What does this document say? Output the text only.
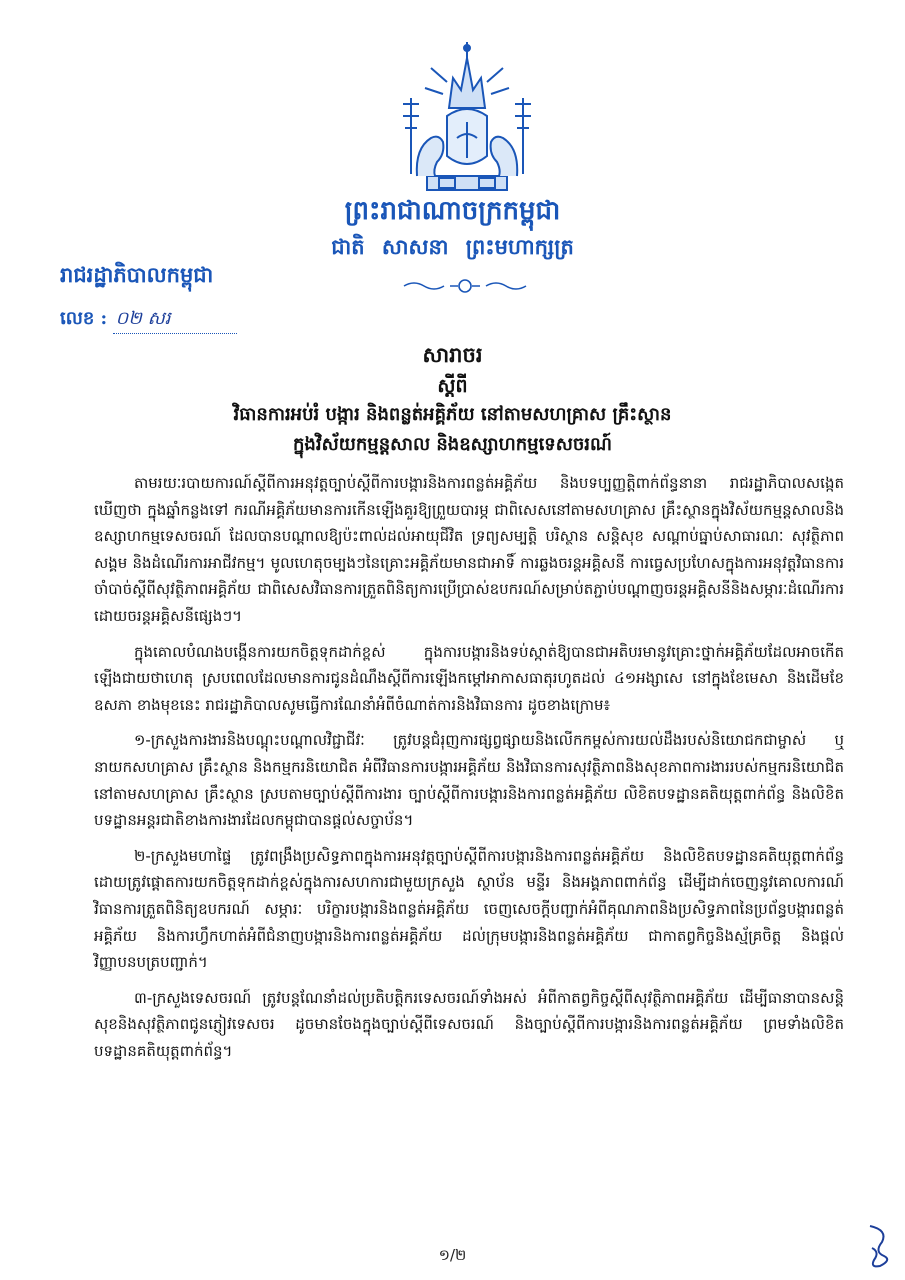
ព្រះរាជាណាចក្រកម្ពុជា
ជាតិ សាសនា ព្រះមហាក្សត្រ
រាជរដ្ឋាភិបាលកម្ពុជា
លេខ : ០២ សរ
សារាចរ
ស្ដីពី
វិធានការអប់រំ បង្ការ និងពន្លត់អគ្គិភ័យ នៅតាមសហគ្រាស គ្រឹះស្ថាន
ក្នុងវិស័យកម្មន្តសាល និងឧស្សាហកម្មទេសចរណ៍

តាមរយៈរបាយការណ៍ស្ដីពីការអនុវត្តច្បាប់ស្ដីពីការបង្ការនិងការពន្លត់អគ្គិភ័យ និងបទប្បញ្ញត្តិពាក់ព័ន្ធនានា រាជរដ្ឋាភិបាលសង្កេតឃើញថា ក្នុងឆ្នាំកន្លងទៅ ករណីអគ្គិភ័យមានការកើនឡើងគួរឱ្យព្រួយបារម្ភ ជាពិសេសនៅតាមសហគ្រាស គ្រឹះស្ថានក្នុងវិស័យកម្មន្តសាលនិងឧស្សាហកម្មទេសចរណ៍ ដែលបានបណ្ដាលឱ្យប៉ះពាល់ដល់អាយុជីវិត ទ្រព្យសម្បត្តិ បរិស្ថាន សន្តិសុខ សណ្ដាប់ធ្នាប់សាធារណៈ សុវត្ថិភាពសង្គម និងដំណើរការអាជីវកម្ម។ មូលហេតុចម្បងៗនៃគ្រោះអគ្គិភ័យមានជាអាទិ៍ ការឆ្លងចរន្តអគ្គិសនី ការធ្វេសប្រហែសក្នុងការអនុវត្តវិធានការចាំបាច់ស្ដីពីសុវត្ថិភាពអគ្គិភ័យ ជាពិសេសវិធានការត្រួតពិនិត្យការប្រើប្រាស់ឧបករណ៍សម្រាប់តភ្ជាប់បណ្ដាញចរន្តអគ្គិសនីនិងសម្ភារៈដំណើរការដោយចរន្តអគ្គិសនីផ្សេងៗ។

ក្នុងគោលបំណងបង្កើនការយកចិត្តទុកដាក់ខ្ពស់ ក្នុងការបង្ការនិងទប់ស្កាត់ឱ្យបានជាអតិបរមានូវគ្រោះថ្នាក់អគ្គិភ័យដែលអាចកើតឡើងជាយថាហេតុ ស្របពេលដែលមានការជូនដំណឹងស្ដីពីការឡើងកម្ដៅអាកាសធាតុរហូតដល់ ៤១អង្សាសេ នៅក្នុងខែមេសា និងដើមខែឧសភា ខាងមុខនេះ រាជរដ្ឋាភិបាលសូមធ្វើការណែនាំអំពីចំណាត់ការនិងវិធានការ ដូចខាងក្រោម៖

១-ក្រសួងការងារនិងបណ្ដុះបណ្ដាលវិជ្ជាជីវៈ ត្រូវបន្តជំរុញការផ្សព្វផ្សាយនិងលើកកម្ពស់ការយល់ដឹងរបស់និយោជកជាម្ចាស់ ឬនាយកសហគ្រាស គ្រឹះស្ថាន និងកម្មករនិយោជិត អំពីវិធានការបង្ការអគ្គិភ័យ និងវិធានការសុវត្ថិភាពនិងសុខភាពការងាររបស់កម្មករនិយោជិតនៅតាមសហគ្រាស គ្រឹះស្ថាន ស្របតាមច្បាប់ស្ដីពីការងារ ច្បាប់ស្ដីពីការបង្ការនិងការពន្លត់អគ្គិភ័យ លិខិតបទដ្ឋានគតិយុត្តពាក់ព័ន្ធ និងលិខិតបទដ្ឋានអន្តរជាតិខាងការងារដែលកម្ពុជាបានផ្ដល់សច្ចាប័ន។

២-ក្រសួងមហាផ្ទៃ ត្រូវពង្រឹងប្រសិទ្ធភាពក្នុងការអនុវត្តច្បាប់ស្ដីពីការបង្ការនិងការពន្លត់អគ្គិភ័យ និងលិខិតបទដ្ឋានគតិយុត្តពាក់ព័ន្ធ ដោយត្រូវផ្ដោតការយកចិត្តទុកដាក់ខ្ពស់ក្នុងការសហការជាមួយក្រសួង ស្ថាប័ន មន្ទីរ និងអង្គភាពពាក់ព័ន្ធ ដើម្បីដាក់ចេញនូវគោលការណ៍ វិធានការត្រួតពិនិត្យឧបករណ៍ សម្ភារៈ បរិក្ខារបង្ការនិងពន្លត់អគ្គិភ័យ ចេញសេចក្ដីបញ្ជាក់អំពីគុណភាពនិងប្រសិទ្ធភាពនៃប្រព័ន្ធបង្ការពន្លត់អគ្គិភ័យ និងការហ្វឹកហាត់អំពីជំនាញបង្ការនិងការពន្លត់អគ្គិភ័យ ដល់ក្រុមបង្ការនិងពន្លត់អគ្គិភ័យ ជាកាតព្វកិច្ចនិងស្ម័គ្រចិត្ត និងផ្ដល់វិញ្ញាបនបត្របញ្ជាក់។

៣-ក្រសួងទេសចរណ៍ ត្រូវបន្តណែនាំដល់ប្រតិបត្តិករទេសចរណ៍ទាំងអស់ អំពីកាតព្វកិច្ចស្ដីពីសុវត្ថិភាពអគ្គិភ័យ ដើម្បីធានាបានសន្តិសុខនិងសុវត្ថិភាពជូនភ្ញៀវទេសចរ ដូចមានចែងក្នុងច្បាប់ស្ដីពីទេសចរណ៍ និងច្បាប់ស្ដីពីការបង្ការនិងការពន្លត់អគ្គិភ័យ ព្រមទាំងលិខិតបទដ្ឋានគតិយុត្តពាក់ព័ន្ធ។

១/២
